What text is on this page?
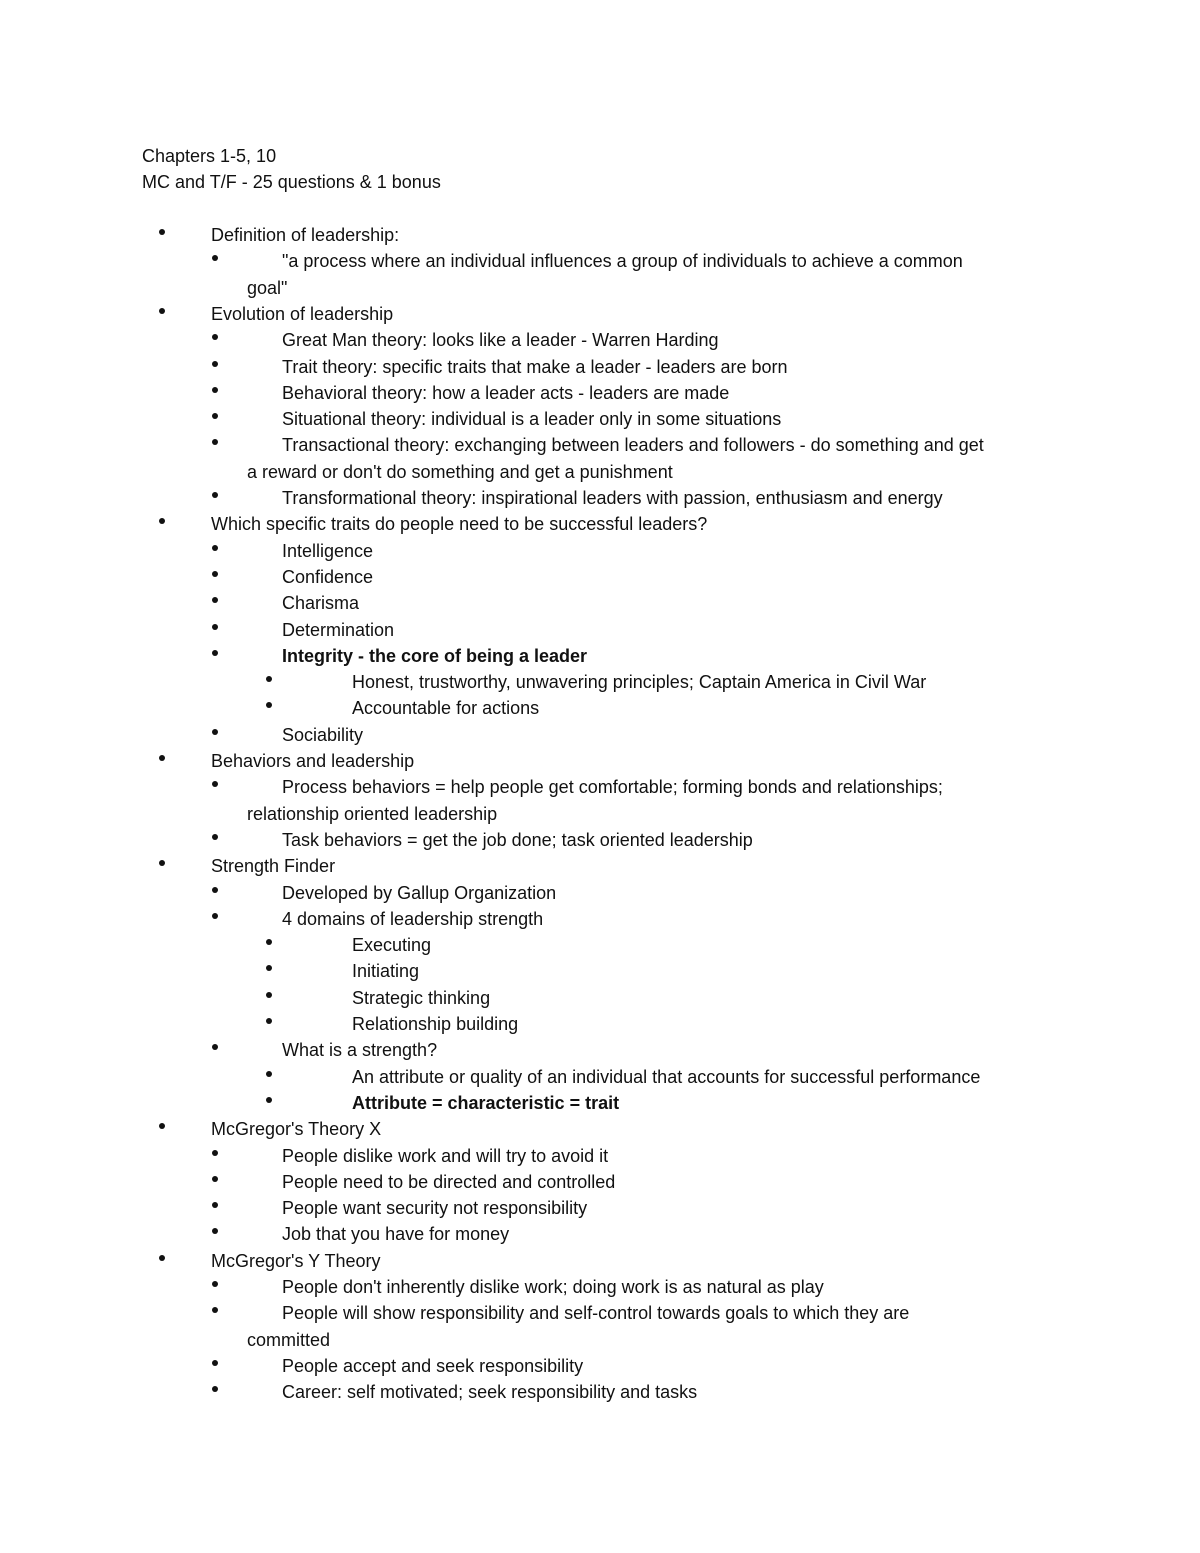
Chapters 1-5, 10
MC and T/F - 25 questions & 1 bonus
Definition of leadership:
"a process where an individual influences a group of individuals to achieve a common
goal"
Evolution of leadership
Great Man theory: looks like a leader - Warren Harding
Trait theory: specific traits that make a leader - leaders are born
Behavioral theory: how a leader acts - leaders are made
Situational theory: individual is a leader only in some situations
Transactional theory: exchanging between leaders and followers - do something and get
a reward or don't do something and get a punishment
Transformational theory: inspirational leaders with passion, enthusiasm and energy
Which specific traits do people need to be successful leaders?
Intelligence
Confidence
Charisma
Determination
Integrity - the core of being a leader
Honest, trustworthy, unwavering principles; Captain America in Civil War
Accountable for actions
Sociability
Behaviors and leadership
Process behaviors = help people get comfortable; forming bonds and relationships;
relationship oriented leadership
Task behaviors = get the job done; task oriented leadership
Strength Finder
Developed by Gallup Organization
4 domains of leadership strength
Executing
Initiating
Strategic thinking
Relationship building
What is a strength?
An attribute or quality of an individual that accounts for successful performance
Attribute = characteristic = trait
McGregor's Theory X
People dislike work and will try to avoid it
People need to be directed and controlled
People want security not responsibility
Job that you have for money
McGregor's Y Theory
People don't inherently dislike work; doing work is as natural as play
People will show responsibility and self-control towards goals to which they are
committed
People accept and seek responsibility
Career: self motivated; seek responsibility and tasks
